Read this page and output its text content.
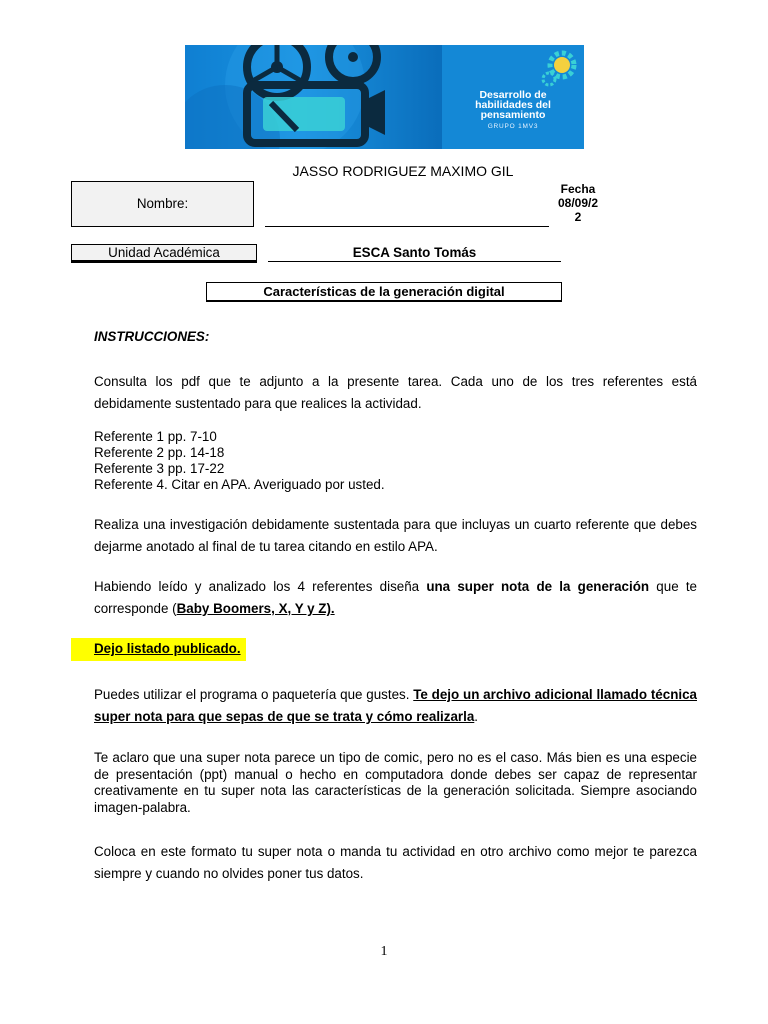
Desarrollo de
habilidades del
pensamiento
GRUPO 1MV3
JASSO RODRIGUEZ MAXIMO GIL
Nombre:
Fecha
08/09/2
2
Unidad Académica	ESCA Santo Tomás
Características de la generación digital
INSTRUCCIONES:
Consulta los pdf que te adjunto a la presente tarea. Cada uno de los tres referentes está debidamente sustentado para que realices la actividad.
Referente 1 pp. 7-10
Referente 2 pp. 14-18
Referente 3 pp. 17-22
Referente 4. Citar en APA. Averiguado por usted.
Realiza una investigación debidamente sustentada para que incluyas un cuarto referente que debes dejarme anotado al final de tu tarea citando en estilo APA.
Habiendo leído y analizado los 4 referentes diseña una super nota de la generación que te corresponde (Baby Boomers, X, Y y Z).
Dejo listado publicado.
Puedes utilizar el programa o paquetería que gustes. Te dejo un archivo adicional llamado técnica super nota para que sepas de que se trata y cómo realizarla.
Te aclaro que una super nota parece un tipo de comic, pero no es el caso. Más bien es una especie de presentación (ppt) manual o hecho en computadora donde debes ser capaz de representar creativamente en tu super nota las características de la generación solicitada. Siempre asociando imagen-palabra.
Coloca en este formato tu super nota o manda tu actividad en otro archivo como mejor te parezca siempre y cuando no olvides poner tus datos.
1
